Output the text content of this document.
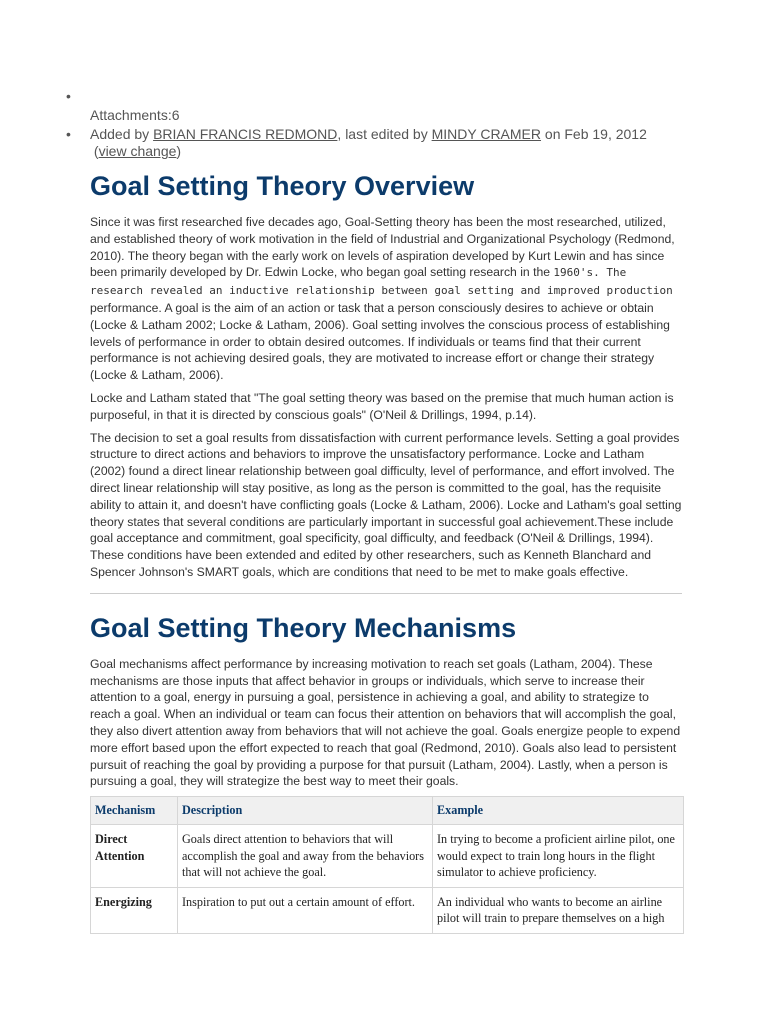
•

Attachments:6
• Added by BRIAN FRANCIS REDMOND, last edited by MINDY CRAMER on Feb 19, 2012  (view change)
Goal Setting Theory Overview

Since it was first researched five decades ago, Goal-Setting theory has been the most researched, utilized, and established theory of work motivation in the field of Industrial and Organizational Psychology (Redmond, 2010). The theory began with the early work on levels of aspiration developed by Kurt Lewin and has since been primarily developed by Dr. Edwin Locke, who began goal setting research in the 1960's. The research revealed an inductive relationship between goal setting and improved production performance. A goal is the aim of an action or task that a person consciously desires to achieve or obtain (Locke & Latham 2002; Locke & Latham, 2006). Goal setting involves the conscious process of establishing levels of performance in order to obtain desired outcomes. If individuals or teams find that their current performance is not achieving desired goals, they are motivated to increase effort or change their strategy (Locke & Latham, 2006).

Locke and Latham stated that "The goal setting theory was based on the premise that much human action is purposeful, in that it is directed by conscious goals" (O'Neil & Drillings, 1994, p.14).

The decision to set a goal results from dissatisfaction with current performance levels. Setting a goal provides structure to direct actions and behaviors to improve the unsatisfactory performance. Locke and Latham (2002) found a direct linear relationship between goal difficulty, level of performance, and effort involved. The direct linear relationship will stay positive, as long as the person is committed to the goal, has the requisite ability to attain it, and doesn't have conflicting goals (Locke & Latham, 2006). Locke and Latham's goal setting theory states that several conditions are particularly important in successful goal achievement.These include goal acceptance and commitment, goal specificity, goal difficulty, and feedback (O'Neil & Drillings, 1994). These conditions have been extended and edited by other researchers, such as Kenneth Blanchard and Spencer Johnson's SMART goals, which are conditions that need to be met to make goals effective.

Goal Setting Theory Mechanisms

Goal mechanisms affect performance by increasing motivation to reach set goals (Latham, 2004). These mechanisms are those inputs that affect behavior in groups or individuals, which serve to increase their attention to a goal, energy in pursuing a goal, persistence in achieving a goal, and ability to strategize to reach a goal. When an individual or team can focus their attention on behaviors that will accomplish the goal, they also divert attention away from behaviors that will not achieve the goal. Goals energize people to expend more effort based upon the effort expected to reach that goal (Redmond, 2010). Goals also lead to persistent pursuit of reaching the goal by providing a purpose for that pursuit (Latham, 2004). Lastly, when a person is pursuing a goal, they will strategize the best way to meet their goals.

Mechanism	Description	Example
Direct Attention	Goals direct attention to behaviors that will accomplish the goal and away from the behaviors that will not achieve the goal.	In trying to become a proficient airline pilot, one would expect to train long hours in the flight simulator to achieve proficiency.
Energizing	Inspiration to put out a certain amount of effort.	An individual who wants to become an airline pilot will train to prepare themselves on a high
